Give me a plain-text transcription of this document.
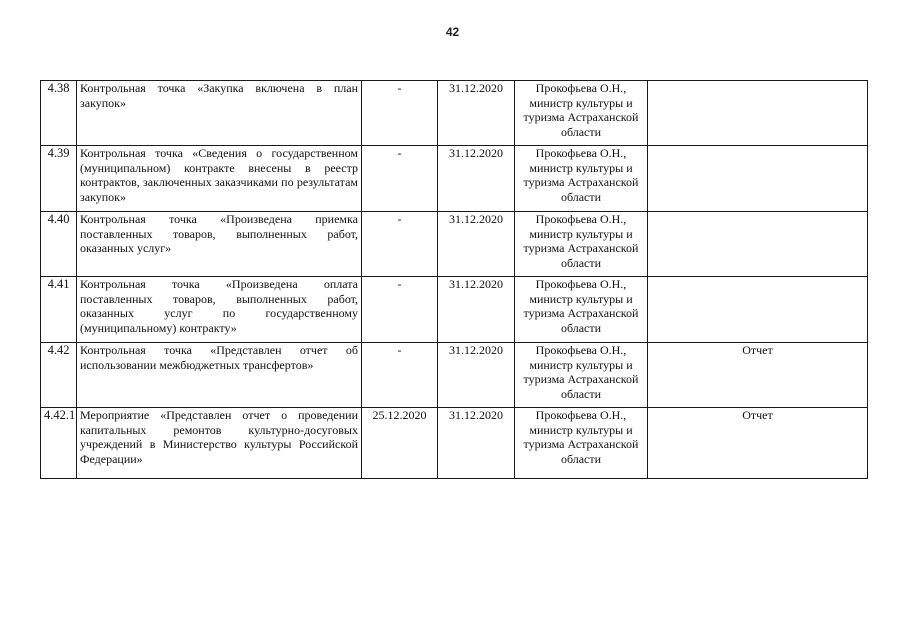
42
4.38	Контрольная точка «Закупка включена в план закупок»	-	31.12.2020	Прокофьева О.Н., министр культуры и туризма Астраханской области	
4.39	Контрольная точка «Сведения о государственном (муниципальном) контракте внесены в реестр контрактов, заключенных заказчиками по результатам закупок»	-	31.12.2020	Прокофьева О.Н., министр культуры и туризма Астраханской области	
4.40	Контрольная точка «Произведена приемка поставленных товаров, выполненных работ, оказанных услуг»	-	31.12.2020	Прокофьева О.Н., министр культуры и туризма Астраханской области	
4.41	Контрольная точка «Произведена оплата поставленных товаров, выполненных работ, оказанных услуг по государственному (муниципальному) контракту»	-	31.12.2020	Прокофьева О.Н., министр культуры и туризма Астраханской области	
4.42	Контрольная точка «Представлен отчет об использовании межбюджетных трансфертов»	-	31.12.2020	Прокофьева О.Н., министр культуры и туризма Астраханской области	Отчет
4.42.1	Мероприятие «Представлен отчет о проведении капитальных ремонтов культурно-досуговых учреждений в Министерство культуры Российской Федерации»	25.12.2020	31.12.2020	Прокофьева О.Н., министр культуры и туризма Астраханской области	Отчет
